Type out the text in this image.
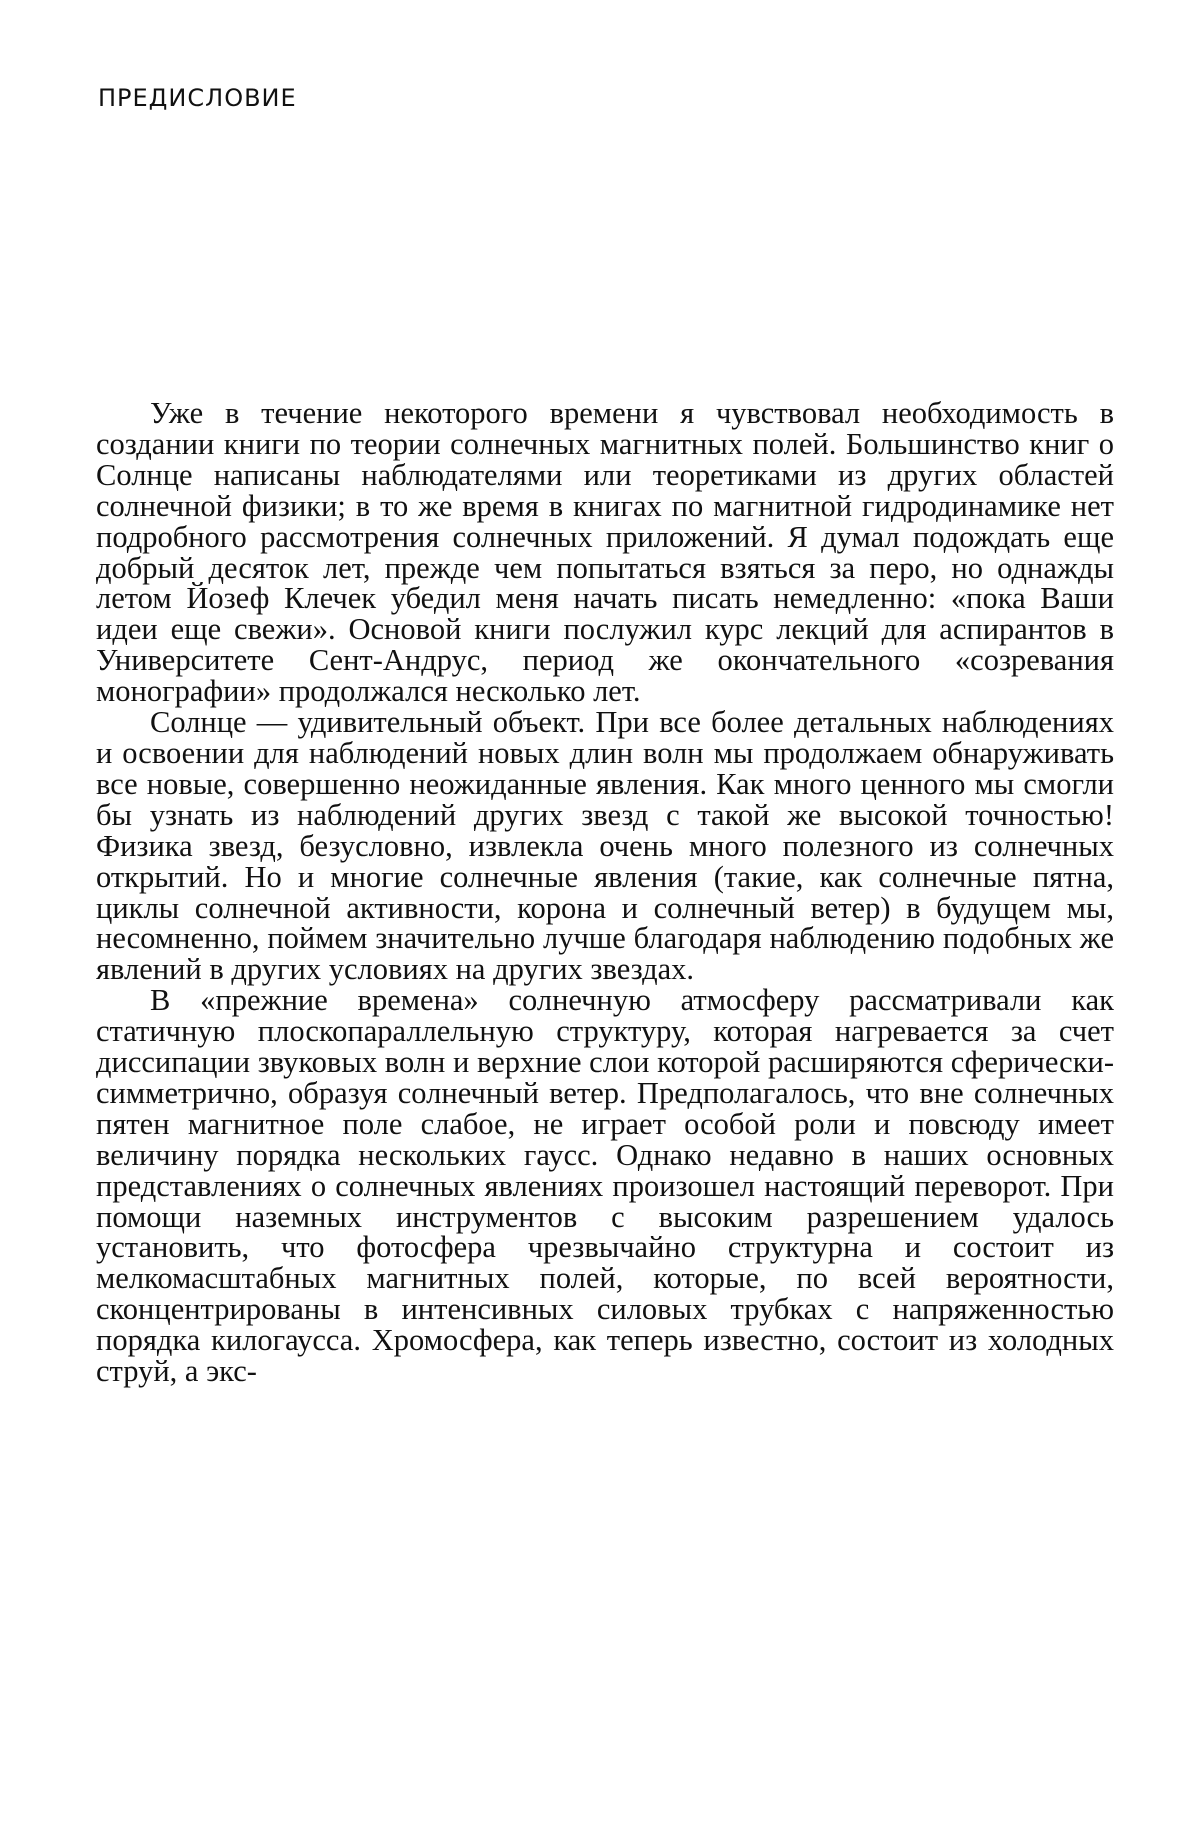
ПРЕДИСЛОВИЕ

Уже в течение некоторого времени я чувствовал необходимость в создании книги по теории солнечных магнитных полей. Большинство книг о Солнце написаны наблюдателями или теоретиками из другиx областей солнечной физики; в то же время в книгах по магнитной гидродинамике нет подробного рассмотрения солнечных приложений. Я думал подождать еще добрый десяток лет, прежде чем попытаться взяться за перо, но однажды летом Йозеф Клечек убедил меня начать писать немедленно: «пока Ваши идеи еще свежи». Основой книги послужил курс лекций для аспирантов в Университете Сент-Андрус, период же окончательного «созревания монографии» продолжался несколько лет.

Солнце — удивительный объект. При все более детальных наблюдениях и освоении для наблюдений новых длин волн мы продолжаем обнаруживать все новые, совершенно неожиданные явления. Как много ценного мы смогли бы узнать из наблюдений других звезд с такой же высокой точностью! Физика звезд, безусловно, извлекла очень много полезного из солнечных открытий. Но и многие солнечные явления (такие, как солнечные пятна, циклы солнечной активности, корона и солнечный ветер) в будущем мы, несомненно, поймем значительно лучше благодаря наблюдению подобных же явлений в других условиях на других звездах.

В «прежние времена» солнечную атмосферу рассматривали как статичную плоскопараллельную структуру, которая нагревается за счет диссипации звуковых волн и верхние слои которой расширяются сферически-симметрично, образуя солнечный ветер. Предполагалось, что вне солнечных пятен магнитное поле слабое, не играет особой роли и повсюду имеет величину порядка нескольких гаусс. Однако недавно в наших основных представлениях о солнечных явлениях произошел настоящий переворот. При помощи наземных инструментов с высоким разрешением удалось установить, что фотосфера чрезвычайно структурна и состоит из мелкомасштабных магнитных полей, которые, по всей вероятности, сконцентрированы в интенсивных силовых трубках с напряженностью порядка килогаусса. Хромосфера, как теперь известно, состоит из холодных струй, а экс-
